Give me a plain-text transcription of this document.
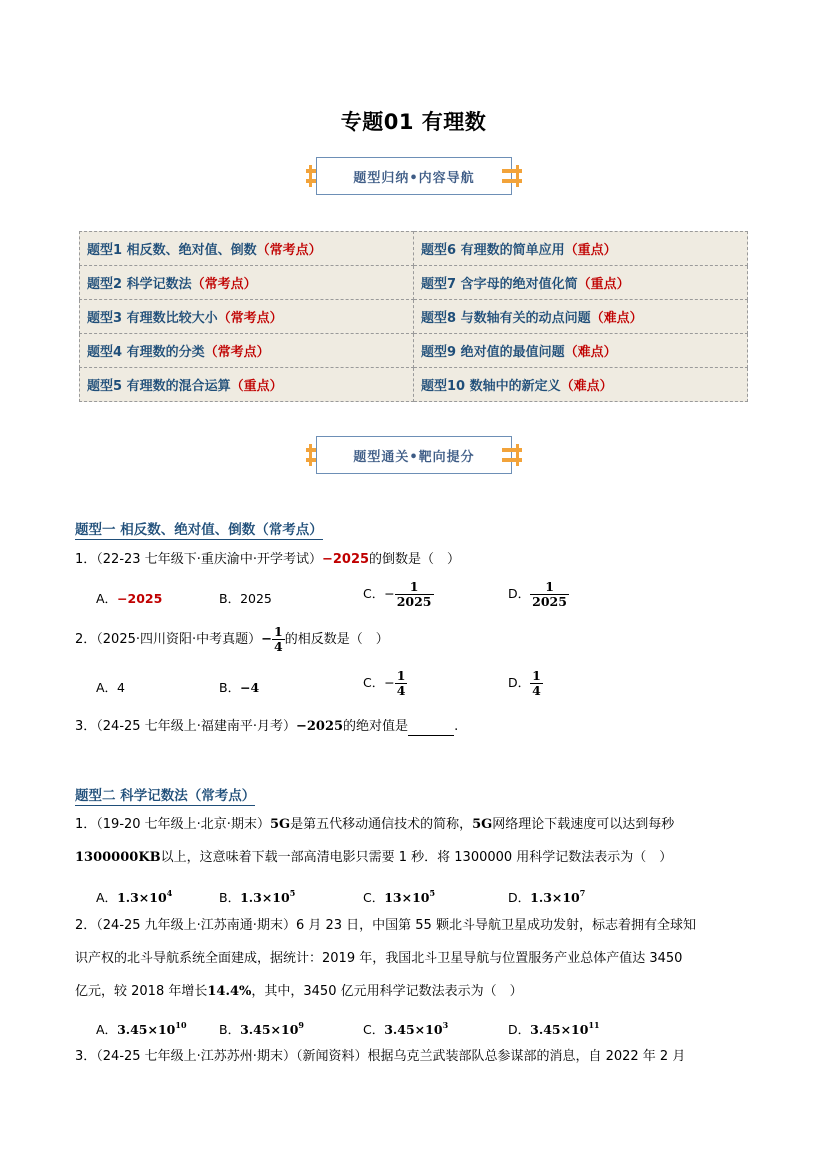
专题01 有理数
题型归纳•内容导航
题型1 相反数、绝对值、倒数（常考点）	题型6 有理数的简单应用（重点）
题型2 科学记数法（常考点）	题型7 含字母的绝对值化简（重点）
题型3 有理数比较大小（常考点）	题型8 与数轴有关的动点问题（难点）
题型4 有理数的分类（常考点）	题型9 绝对值的最值问题（难点）
题型5 有理数的混合运算（重点）	题型10 数轴中的新定义（难点）
题型通关•靶向提分
题型一 相反数、绝对值、倒数（常考点）
1．（22-23 七年级下·重庆渝中·开学考试）−2025的倒数是（　）
A．−2025	B．2025	C．− $\frac{1}{2025}$	D． $\frac{1}{2025}$
2．（2025·四川资阳·中考真题）− $\frac{1}{4}$ 的相反数是（　）
A．4	B．−4	C．− $\frac{1}{4}$	D． $\frac{1}{4}$
3．（24-25 七年级上·福建南平·月考）−2025的绝对值是	.
题型二 科学记数法（常考点）
1．（19-20 七年级上·北京·期末）5G是第五代移动通信技术的简称，5G网络理论下载速度可以达到每秒
1300000KB以上，这意味着下载一部高清电影只需要 1 秒．将 1300000 用科学记数法表示为（　）
A．$1.3\times 10^4$	B．$1.3\times 10^5$	C．$13\times 10^5$	D．$1.3\times 10^7$
2．（24-25 九年级上·江苏南通·期末）6 月 23 日，中国第 55 颗北斗导航卫星成功发射，标志着拥有全球知
识产权的北斗导航系统全面建成，据统计：2019 年，我国北斗卫星导航与位置服务产业总体产值达 3450
亿元，较 2018 年增长14.4%，其中，3450 亿元用科学记数法表示为（　）
A．$3.45\times 10^{10}$	B．$3.45\times 10^9$	C．$3.45\times 10^3$	D．$3.45\times 10^{11}$
3．（24-25 七年级上·江苏苏州·期末）（新闻资料）根据乌克兰武装部队总参谋部的消息，自 2022 年 2 月
